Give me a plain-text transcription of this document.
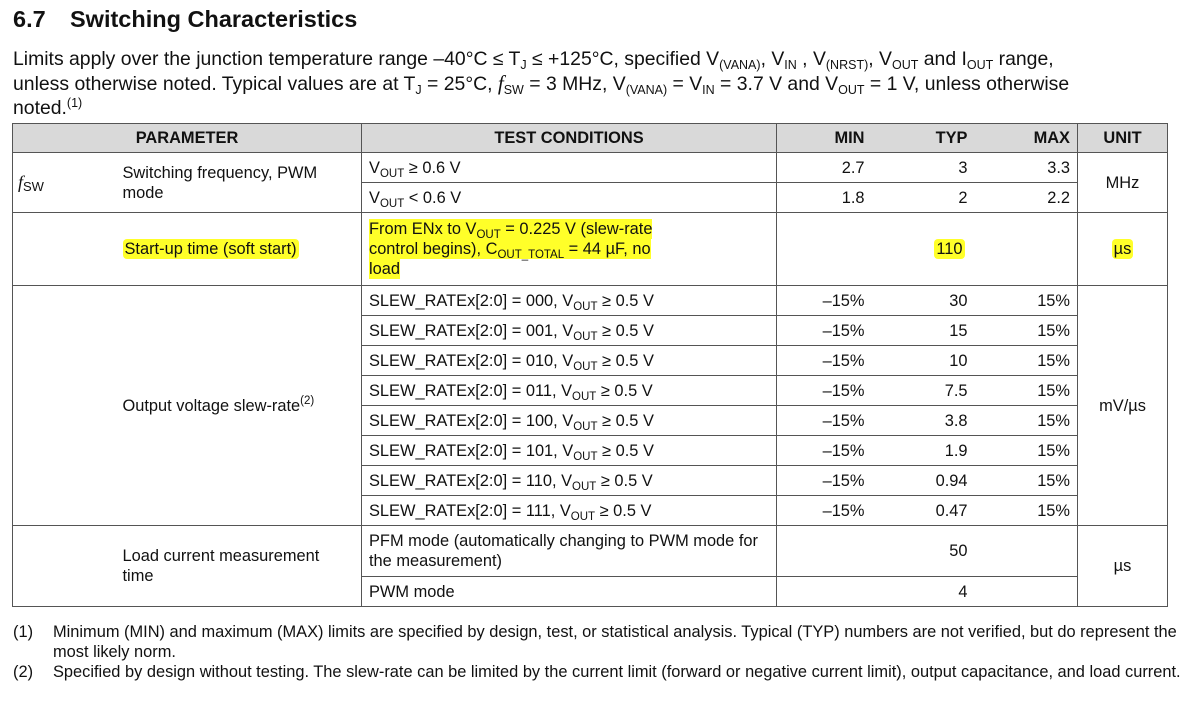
6.7 Switching Characteristics
Limits apply over the junction temperature range $-40^\circ C \le T_J \le +125^\circ C$, specified $V_{(VANA)}$, $V_{IN}$ , $V_{(NRST)}$, $V_{OUT}$ and $I_{OUT}$ range,
unless otherwise noted. Typical values are at $T_J = 25^\circ C$, $f_{SW} = 3$ MHz, $V_{(VANA)} = V_{IN} = 3.7$ V and $V_{OUT} = 1$ V, unless otherwise
noted.$^{(1)}$
PARAMETER		TEST CONDITIONS	MIN	TYP	MAX	UNIT
$f_{SW}$	Switching frequency, PWM mode	$V_{OUT} \ge 0.6$ V	2.7	3	3.3	MHz
		$V_{OUT} < 0.6$ V	1.8	2	2.2	
	Start-up time (soft start)	From ENx to $V_{OUT} = 0.225$ V (slew-rate
control begins), $C_{OUT\_TOTAL} = 44$ µF, no
load		110		µs
	Output voltage slew-rate$^{(2)}$	SLEW_RATEx[2:0] = 000, $V_{OUT} \ge 0.5$ V	–15%	30	15%	mV/µs
		SLEW_RATEx[2:0] = 001, $V_{OUT} \ge 0.5$ V	–15%	15	15%	
		SLEW_RATEx[2:0] = 010, $V_{OUT} \ge 0.5$ V	–15%	10	15%	
		SLEW_RATEx[2:0] = 011, $V_{OUT} \ge 0.5$ V	–15%	7.5	15%	
		SLEW_RATEx[2:0] = 100, $V_{OUT} \ge 0.5$ V	–15%	3.8	15%	
		SLEW_RATEx[2:0] = 101, $V_{OUT} \ge 0.5$ V	–15%	1.9	15%	
		SLEW_RATEx[2:0] = 110, $V_{OUT} \ge 0.5$ V	–15%	0.94	15%	
		SLEW_RATEx[2:0] = 111, $V_{OUT} \ge 0.5$ V	–15%	0.47	15%	
	Load current measurement time	PFM mode (automatically changing to PWM mode for the measurement)		50		µs
		PWM mode		4		
(1)	Minimum (MIN) and maximum (MAX) limits are specified by design, test, or statistical analysis. Typical (TYP) numbers are not verified, but do represent the most likely norm.
(2)	Specified by design without testing. The slew-rate can be limited by the current limit (forward or negative current limit), output capacitance, and load current.
